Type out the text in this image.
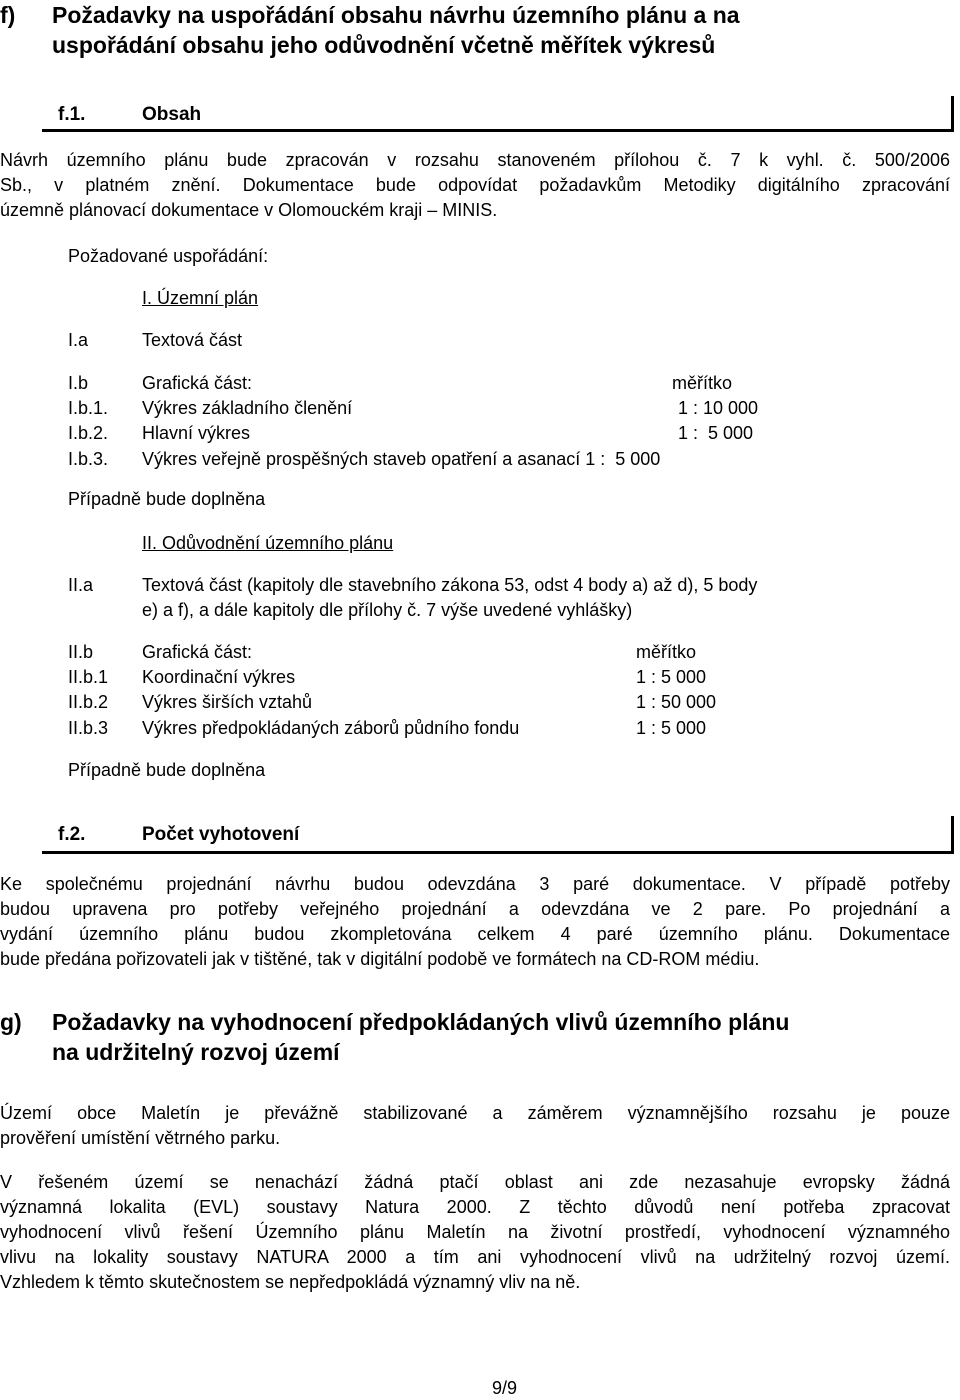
f) Požadavky na uspořádání obsahu návrhu územního plánu a na
uspořádání obsahu jeho odůvodnění včetně měřítek výkresů
f.1.	Obsah
Návrh územního plánu bude zpracován v rozsahu stanoveném přílohou č. 7 k vyhl. č. 500/2006
Sb., v platném znění. Dokumentace bude odpovídat požadavkům Metodiky digitálního zpracování
územně plánovací dokumentace v Olomouckém kraji – MINIS.
Požadované uspořádání:
I. Územní plán
I.a	Textová část
I.b	Grafická část:	měřítko
I.b.1. Výkres základního členění	1 : 10 000
I.b.2. Hlavní výkres	1 :  5 000
I.b.3. Výkres veřejně prospěšných staveb opatření a asanací 1 :  5 000
Případně bude doplněna
II. Odůvodnění územního plánu
II.a	Textová část (kapitoly dle stavebního zákona 53, odst 4 body a) až d), 5 body
e) a f), a dále kapitoly dle přílohy č. 7 výše uvedené vyhlášky)
II.b	Grafická část:	měřítko
II.b.1 Koordinační výkres	1 : 5 000
II.b.2 Výkres širších vztahů	1 : 50 000
II.b.3 Výkres předpokládaných záborů půdního fondu	1 : 5 000
Případně bude doplněna
f.2.	Počet vyhotovení
Ke společnému projednání návrhu budou odevzdána 3 paré dokumentace. V případě potřeby
budou upravena pro potřeby veřejného projednání a odevzdána ve 2 pare. Po projednání a
vydání územního plánu budou zkompletována celkem 4 paré územního plánu. Dokumentace
bude předána pořizovateli jak v tištěné, tak v digitální podobě ve formátech na CD-ROM médiu.
g) Požadavky na vyhodnocení předpokládaných vlivů územního plánu
na udržitelný rozvoj území
Území obce Maletín je převážně stabilizované a záměrem významnějšího rozsahu je pouze
prověření umístění větrného parku.
V řešeném území se nenachází žádná ptačí oblast ani zde nezasahuje evropsky žádná
významná lokalita (EVL) soustavy Natura 2000. Z těchto důvodů není potřeba zpracovat
vyhodnocení vlivů řešení Územního plánu Maletín na životní prostředí, vyhodnocení významného
vlivu na lokality soustavy NATURA 2000 a tím ani vyhodnocení vlivů na udržitelný rozvoj území.
Vzhledem k těmto skutečnostem se nepředpokládá významný vliv na ně.
9/9
